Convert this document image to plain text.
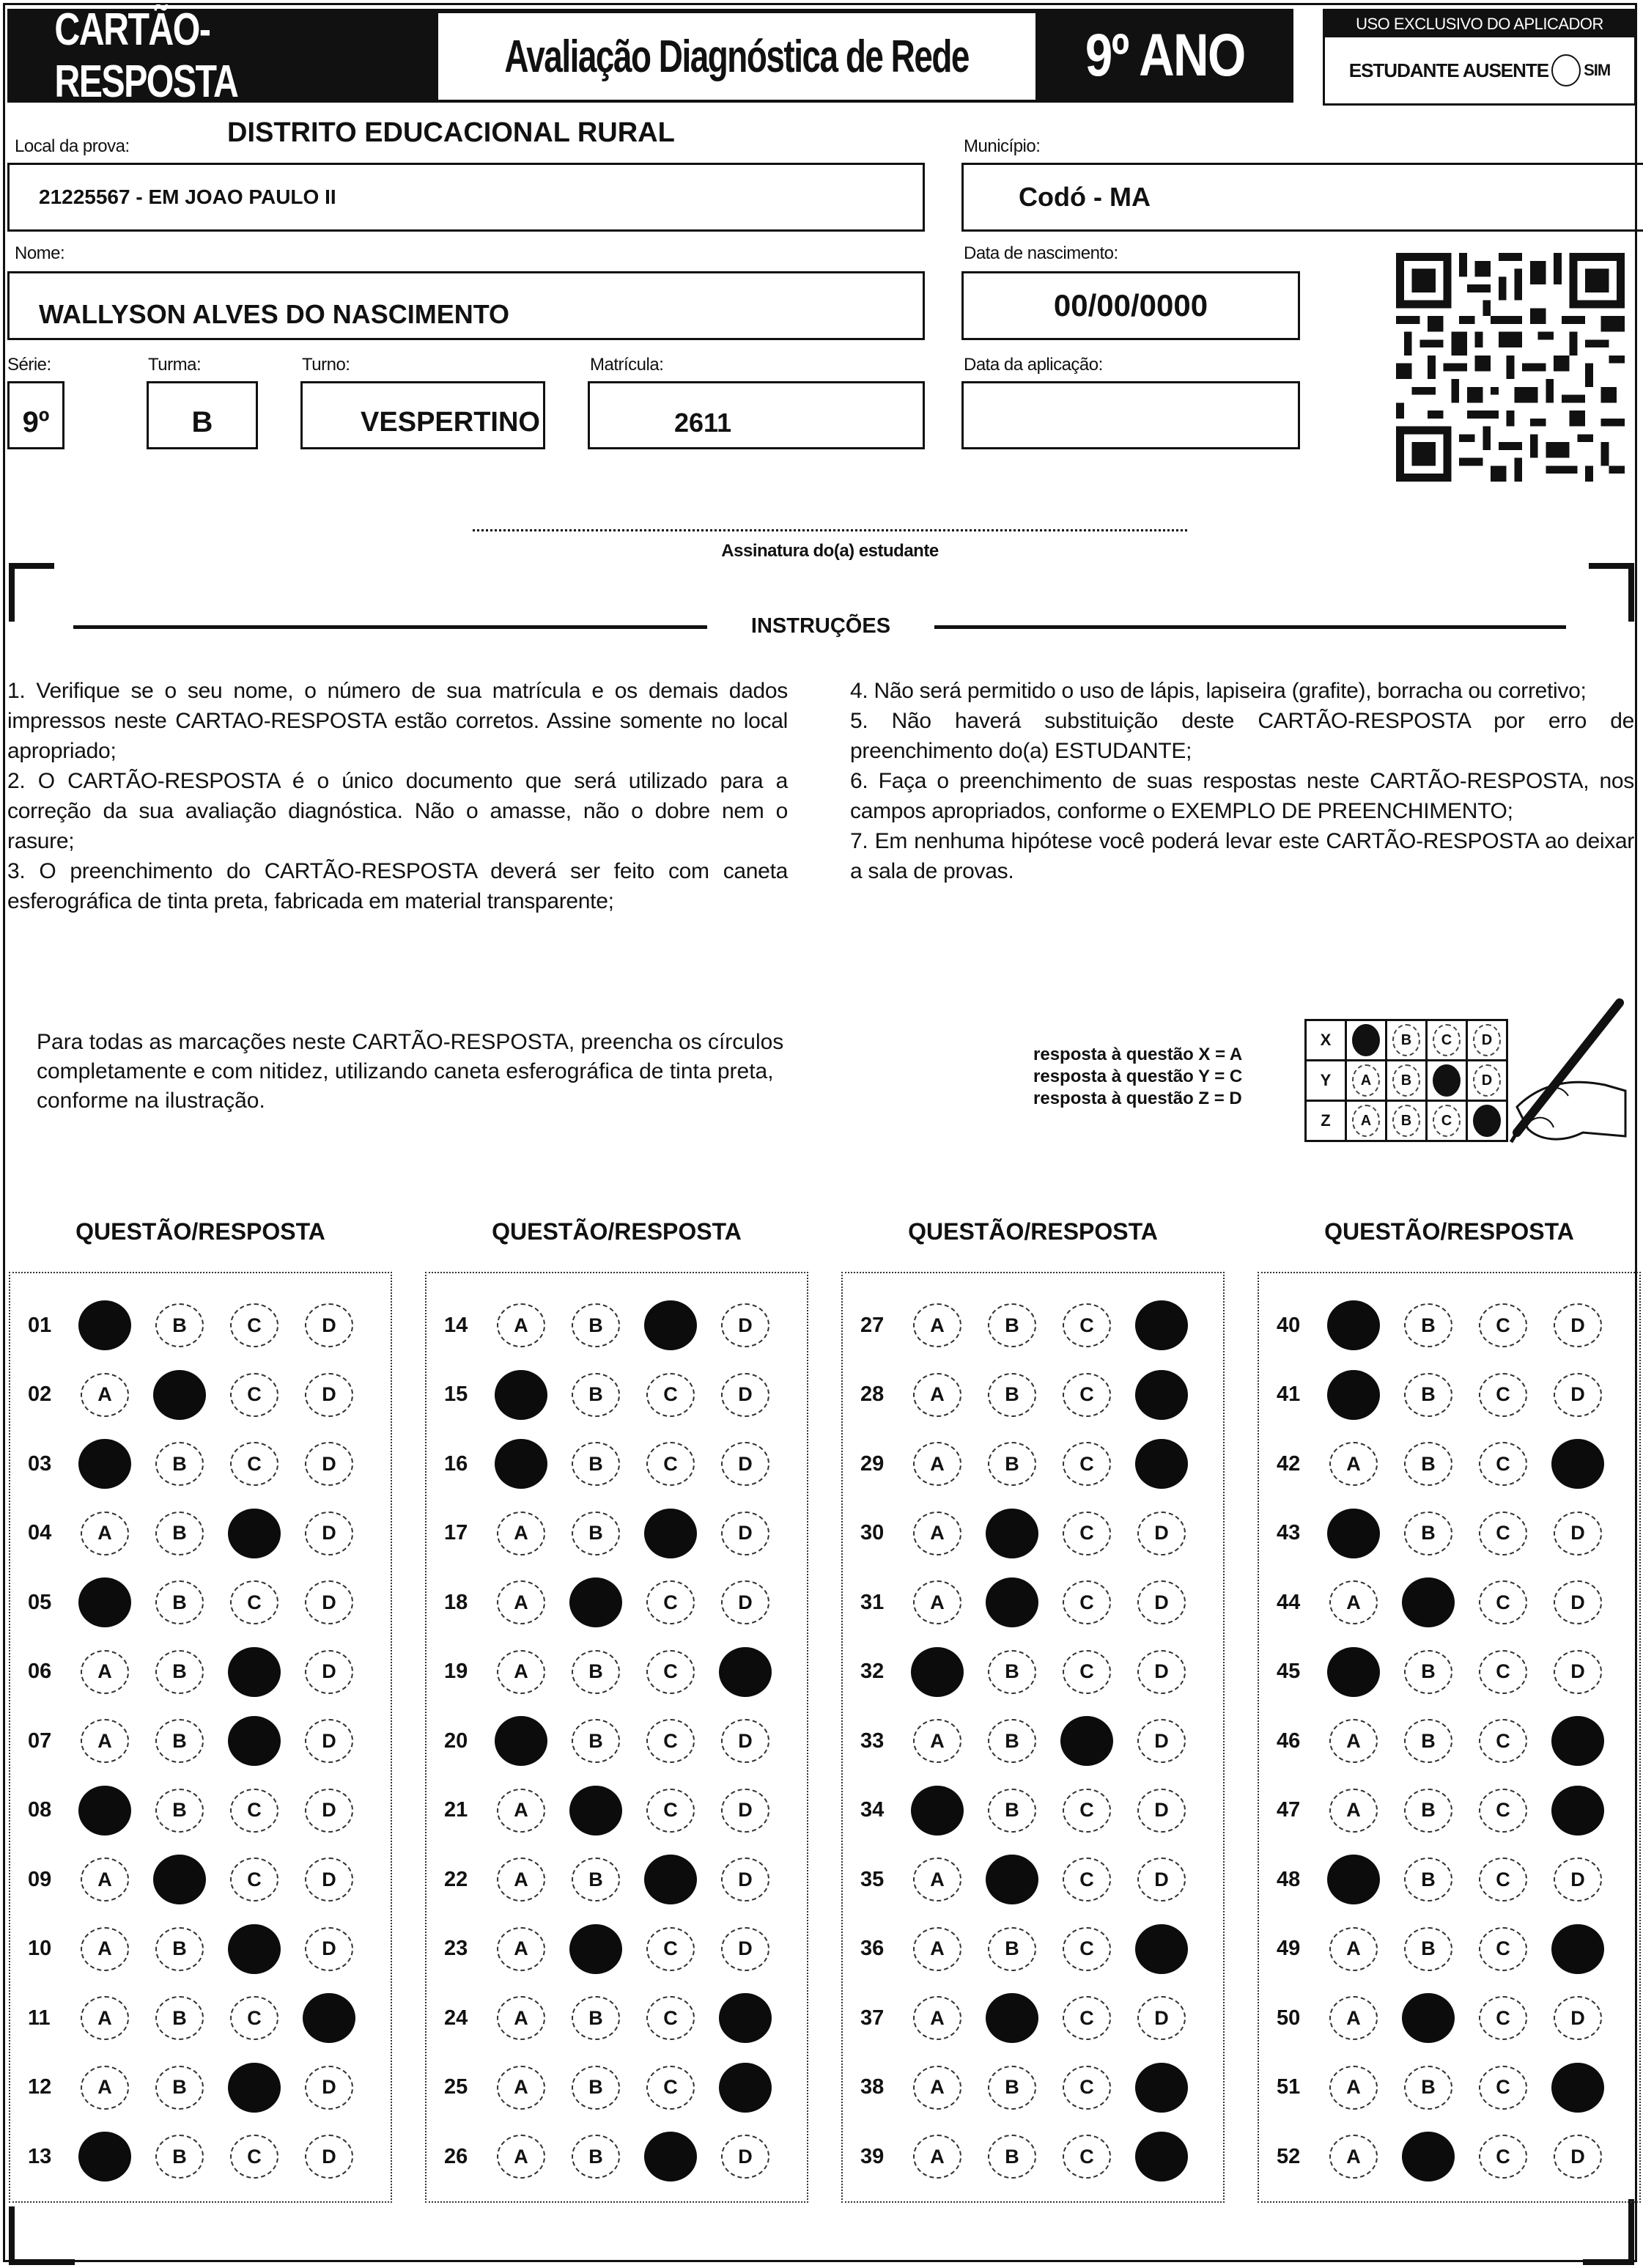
CARTÃO-RESPOSTA	Avaliação Diagnóstica de Rede 9º ANO	USO EXCLUSIVO DO APLICADOR
ESTUDANTE AUSENTE SIM
Local da prova:	DISTRITO EDUCACIONAL RURAL
21225567 - EM JOAO PAULO II
Município:
Codó - MA
Nome:
WALLYSON ALVES DO NASCIMENTO
Data de nascimento:
00/00/0000
Série:
9º
Turma:
B
Turno:
VESPERTINO
Matrícula:
2611
Data da aplicação:
Assinatura do(a) estudante
INSTRUÇÕES

1. Verifique se o seu nome, o número de sua matrícula e os demais dados impressos neste CARTAO-RESPOSTA estão corretos. Assine somente no local apropriado;

2. O CARTÃO-RESPOSTA é o único documento que será utilizado para a correção da sua avaliação diagnóstica. Não o amasse, não o dobre nem o rasure;

3. O preenchimento do CARTÃO-RESPOSTA deverá ser feito com caneta esferográfica de tinta preta, fabricada em material transparente;

4. Não será permitido o uso de lápis, lapiseira (grafite), borracha ou corretivo;

5. Não haverá substituição deste CARTÃO-RESPOSTA por erro de preenchimento do(a) ESTUDANTE;

6. Faça o preenchimento de suas respostas neste CARTÃO-RESPOSTA, nos campos apropriados, conforme o EXEMPLO DE PREENCHIMENTO;

7. Em nenhuma hipótese você poderá levar este CARTÃO-RESPOSTA ao deixar a sala de provas.

Para todas as marcações neste CARTÃO-RESPOSTA, preencha os círculos completamente e com nitidez, utilizando caneta esferográfica de tinta preta, conforme na ilustração.
resposta à questão X = A
resposta à questão Y = C
resposta à questão Z = D
X		B	C	D
Y	A	B		D
Z	A	B	C	
QUESTÃO/RESPOSTA
01	B	C	D
02	A	C	D
03	B	C	D
04	A	B	D
05	B	C	D
06	A	B	D
07	A	B	D
08	B	C	D
09	A	C	D
10	A	B	D
11	A	B	C
12	A	B	D
13	B	C	D
QUESTÃO/RESPOSTA
14	A	B	D
15	B	C	D
16	B	C	D
17	A	B	D
18	A	C	D
19	A	B	C
20	B	C	D
21	A	C	D
22	A	B	D
23	A	C	D
24	A	B	C
25	A	B	C
26	A	B	D
QUESTÃO/RESPOSTA
27	A	B	C
28	A	B	C
29	A	B	C
30	A	C	D
31	A	C	D
32	B	C	D
33	A	B	D
34	B	C	D
35	A	C	D
36	A	B	C
37	A	C	D
38	A	B	C
39	A	B	C
QUESTÃO/RESPOSTA
40	B	C	D
41	B	C	D
42	A	B	C
43	B	C	D
44	A	C	D
45	B	C	D
46	A	B	C
47	A	B	C
48	B	C	D
49	A	B	C
50	A	C	D
51	A	B	C
52	A	C	D
